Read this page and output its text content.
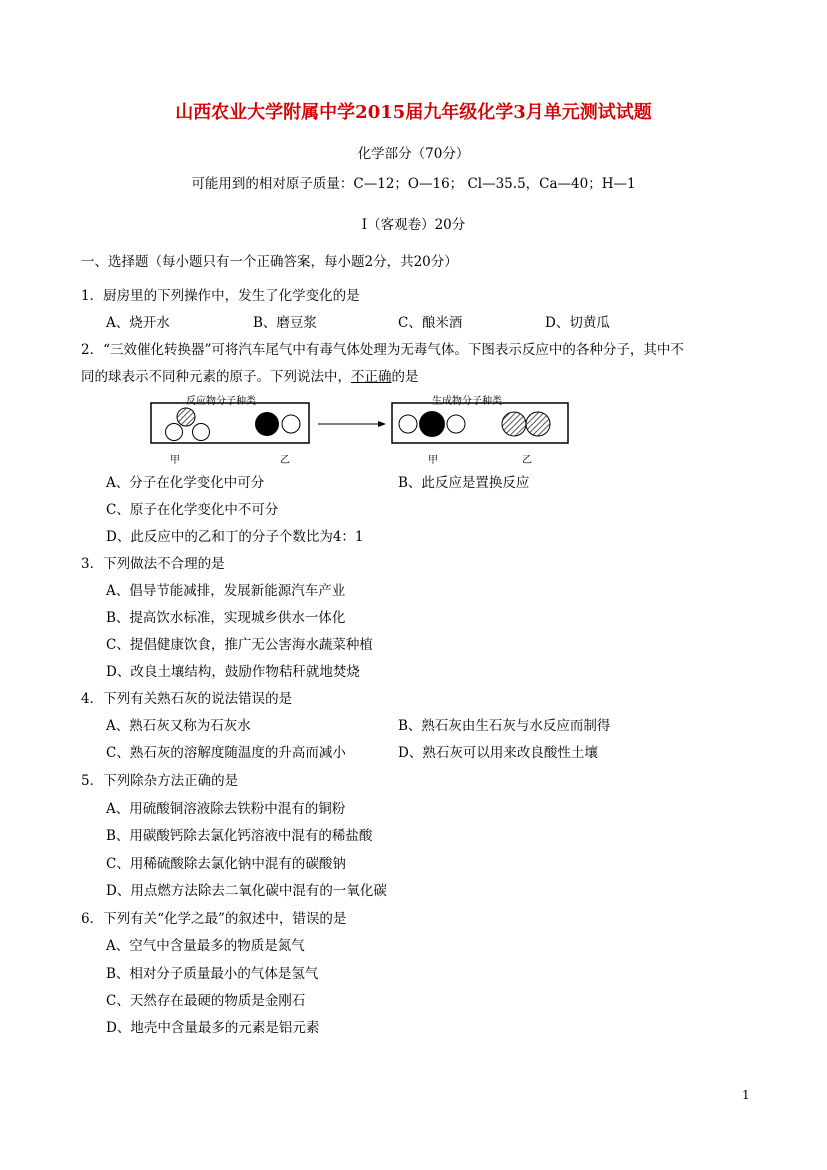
山西农业大学附属中学2015届九年级化学3月单元测试试题
化学部分（70分）
可能用到的相对原子质量：C—12；O—16； Cl—35.5，Ca—40；H—1
Ⅰ（客观卷）20分
一、选择题（每小题只有一个正确答案，每小题2分，共20分）
1．厨房里的下列操作中，发生了化学变化的是
A、烧开水	B、磨豆浆	C、酿米酒	D、切黄瓜
2．“三效催化转换器”可将汽车尾气中有毒气体处理为无毒气体。下图表示反应中的各种分子，其中不
同的球表示不同种元素的原子。下列说法中，不正确的是
反应物分子种类	生成物分子种类
甲	乙	甲	乙
A、分子在化学变化中可分	B、此反应是置换反应
C、原子在化学变化中不可分
D、此反应中的乙和丁的分子个数比为4：1
3．下列做法不合理的是
A、倡导节能减排，发展新能源汽车产业
B、提高饮水标准，实现城乡供水一体化
C、提倡健康饮食，推广无公害海水蔬菜种植
D、改良土壤结构，鼓励作物秸秆就地焚烧
4．下列有关熟石灰的说法错误的是
A、熟石灰又称为石灰水	B、熟石灰由生石灰与水反应而制得
C、熟石灰的溶解度随温度的升高而减小	D、熟石灰可以用来改良酸性土壤
5．下列除杂方法正确的是
A、用硫酸铜溶液除去铁粉中混有的铜粉
B、用碳酸钙除去氯化钙溶液中混有的稀盐酸
C、用稀硫酸除去氯化钠中混有的碳酸钠
D、用点燃方法除去二氧化碳中混有的一氧化碳
6．下列有关“化学之最”的叙述中，错误的是
A、空气中含量最多的物质是氮气
B、相对分子质量最小的气体是氢气
C、天然存在最硬的物质是金刚石
D、地壳中含量最多的元素是铝元素
1
